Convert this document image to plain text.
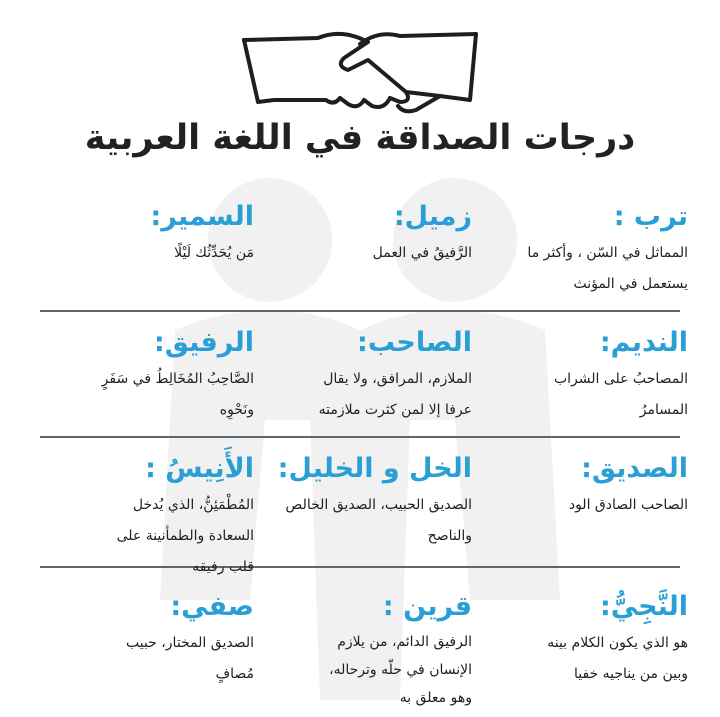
درجات الصداقة في اللغة العربية
ترب :
المماثل في السّن ، وأكثر ما
يستعمل في المؤنث
زميل:
الرَّفيقُ في العمل
السمير:
مَن يُحَدِّثُك لَيْلًا
النديم:
المصاحبُ على الشراب
المسامرُ
الصاحب:
الملازم، المرافق، ولا يقال
عرفا إلا لمن كثرت ملازمته
الرفيق:
الصَّاحِبُ المُخَالِطُ في سَفَرٍ
ونَحْوِه
الصديق:
الصاحب الصادق الود
الخل و الخليل:
الصديق الحبيب، الصديق الخالص
والناصح
الأَنِيسُ :
المُطْمَئِنُّ، الذي يُدخل
السعادة والطمأنينة على
قلب رفيقه
النَّجِيُّ:
هو الذي يكون الكلام بينه
وبين من يناجيه خفيا
قرين :
الرفيق الدائم، من يلازم
الإنسان في حلّه وترحاله،
وهو معلق به
صفي:
الصديق المختار، حبيب
مُصافٍ
